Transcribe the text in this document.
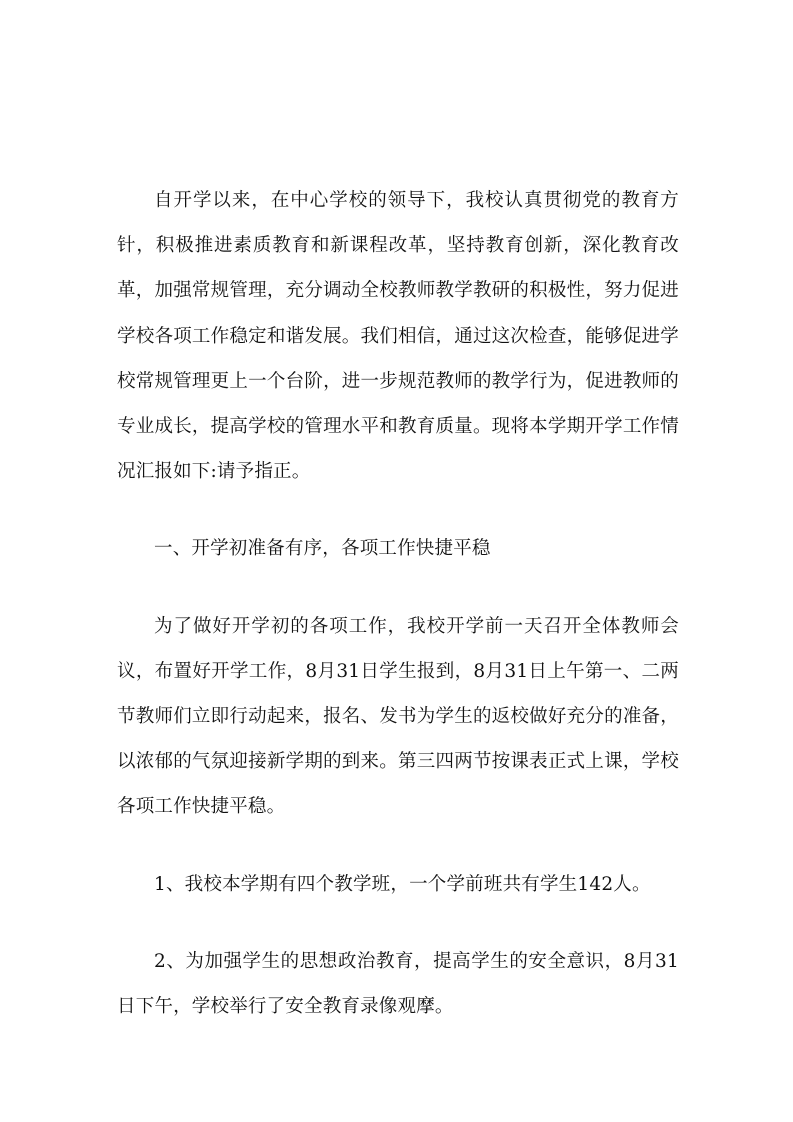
自开学以来，在中心学校的领导下，我校认真贯彻党的教育方针，积极推进素质教育和新课程改革，坚持教育创新，深化教育改革，加强常规管理，充分调动全校教师教学教研的积极性，努力促进学校各项工作稳定和谐发展。我们相信，通过这次检查，能够促进学校常规管理更上一个台阶，进一步规范教师的教学行为，促进教师的专业成长，提高学校的管理水平和教育质量。现将本学期开学工作情况汇报如下:请予指正。

一、开学初准备有序，各项工作快捷平稳

为了做好开学初的各项工作，我校开学前一天召开全体教师会议，布置好开学工作，8月31日学生报到，8月31日上午第一、二两节教师们立即行动起来，报名、发书为学生的返校做好充分的准备，以浓郁的气氛迎接新学期的到来。第三四两节按课表正式上课，学校各项工作快捷平稳。

1、我校本学期有四个教学班，一个学前班共有学生142人。

2、为加强学生的思想政治教育，提高学生的安全意识，8月31日下午，学校举行了安全教育录像观摩。
